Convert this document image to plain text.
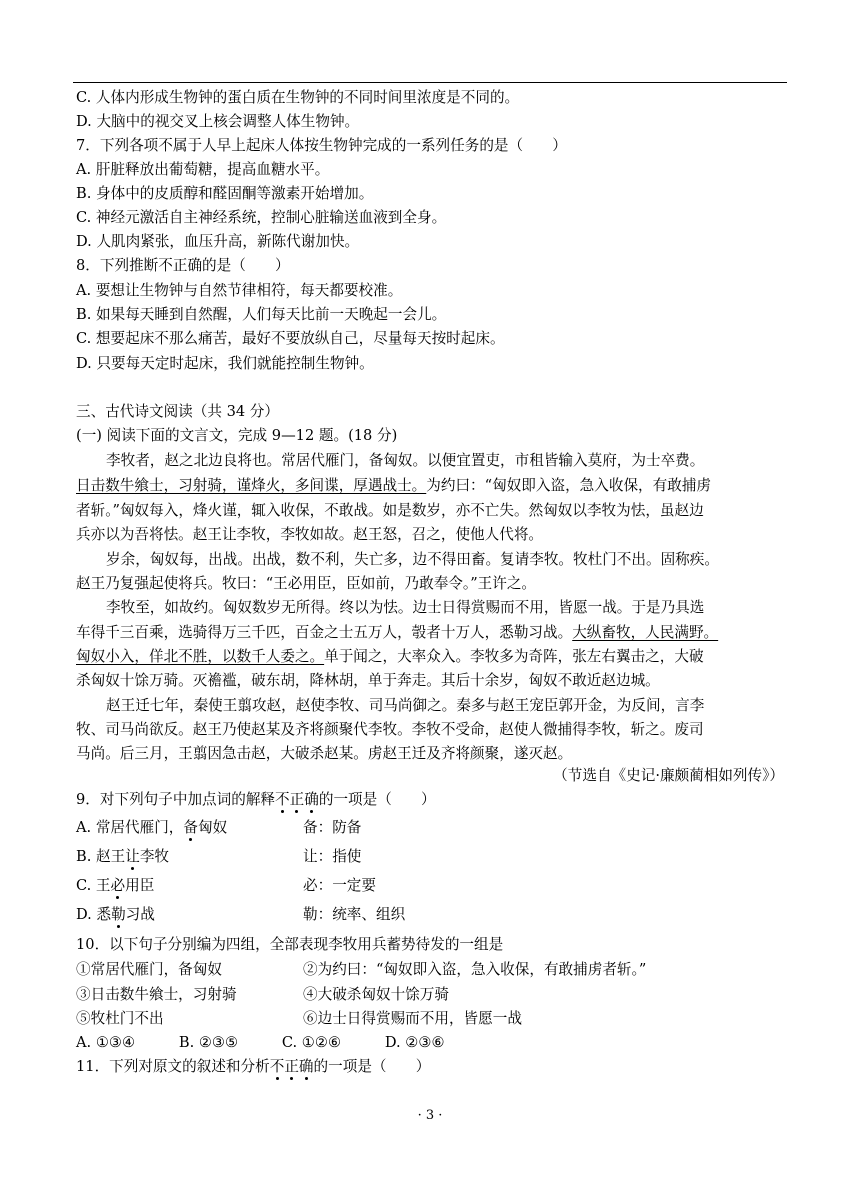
C. 人体内形成生物钟的蛋白质在生物钟的不同时间里浓度是不同的。
D. 大脑中的视交叉上核会调整人体生物钟。
7．下列各项不属于人早上起床人体按生物钟完成的一系列任务的是（　　）
A. 肝脏释放出葡萄糖，提高血糖水平。
B. 身体中的皮质醇和醛固酮等激素开始增加。
C. 神经元激活自主神经系统，控制心脏输送血液到全身。
D. 人肌肉紧张，血压升高，新陈代谢加快。
8．下列推断不正确的是（　　）
A. 要想让生物钟与自然节律相符，每天都要校准。
B. 如果每天睡到自然醒，人们每天比前一天晚起一会儿。
C. 想要起床不那么痛苦，最好不要放纵自己，尽量每天按时起床。
D. 只要每天定时起床，我们就能控制生物钟。
三、古代诗文阅读（共 34 分）
(一) 阅读下面的文言文，完成 9—12 题。(18 分)
李牧者，赵之北边良将也。常居代雁门，备匈奴。以便宜置吏，市租皆输入莫府，为士卒费。
日击数牛飨士，习射骑，谨烽火，多间谍，厚遇战士。为约曰：“匈奴即入盗，急入收保，有敢捕虏
者斩。”匈奴每入，烽火谨，辄入收保，不敢战。如是数岁，亦不亡失。然匈奴以李牧为怯，虽赵边
兵亦以为吾将怯。赵王让李牧，李牧如故。赵王怒，召之，使他人代将。
岁余，匈奴每，出战。出战，数不利，失亡多，边不得田畜。复请李牧。牧杜门不出。固称疾。
赵王乃复强起使将兵。牧曰：“王必用臣，臣如前，乃敢奉令。”王许之。
李牧至，如故约。匈奴数岁无所得。终以为怯。边士日得赏赐而不用，皆愿一战。于是乃具选
车得千三百乘，选骑得万三千匹，百金之士五万人，彀者十万人，悉勒习战。大纵畜牧，人民满野。
匈奴小入，佯北不胜，以数千人委之。单于闻之，大率众入。李牧多为奇阵，张左右翼击之，大破
杀匈奴十馀万骑。灭襜褴，破东胡，降林胡，单于奔走。其后十余岁，匈奴不敢近赵边城。
赵王迁七年，秦使王翦攻赵，赵使李牧、司马尚御之。秦多与赵王宠臣郭开金，为反间，言李
牧、司马尚欲反。赵王乃使赵某及齐将颜聚代李牧。李牧不受命，赵使人微捕得李牧，斩之。废司
马尚。后三月，王翦因急击赵，大破杀赵某。虏赵王迁及齐将颜聚，遂灭赵。
（节选自《史记·廉颇蔺相如列传》）
9．对下列句子中加点词的解释不正确的一项是（　　）
A. 常居代雁门，备匈奴	备：防备
B. 赵王让李牧	让：指使
C. 王必用臣	必：一定要
D. 悉勒习战	勒：统率、组织
10．以下句子分别编为四组，全部表现李牧用兵蓄势待发的一组是
①常居代雁门，备匈奴	②为约曰：“匈奴即入盗，急入收保，有敢捕虏者斩。”
③日击数牛飨士，习射骑	④大破杀匈奴十馀万骑
⑤牧杜门不出	⑥边士日得赏赐而不用，皆愿一战
A. ①③④　　　B. ②③⑤　　　C. ①②⑥　　　D. ②③⑥
11．下列对原文的叙述和分析不正确的一项是（　　）
· 3 ·
